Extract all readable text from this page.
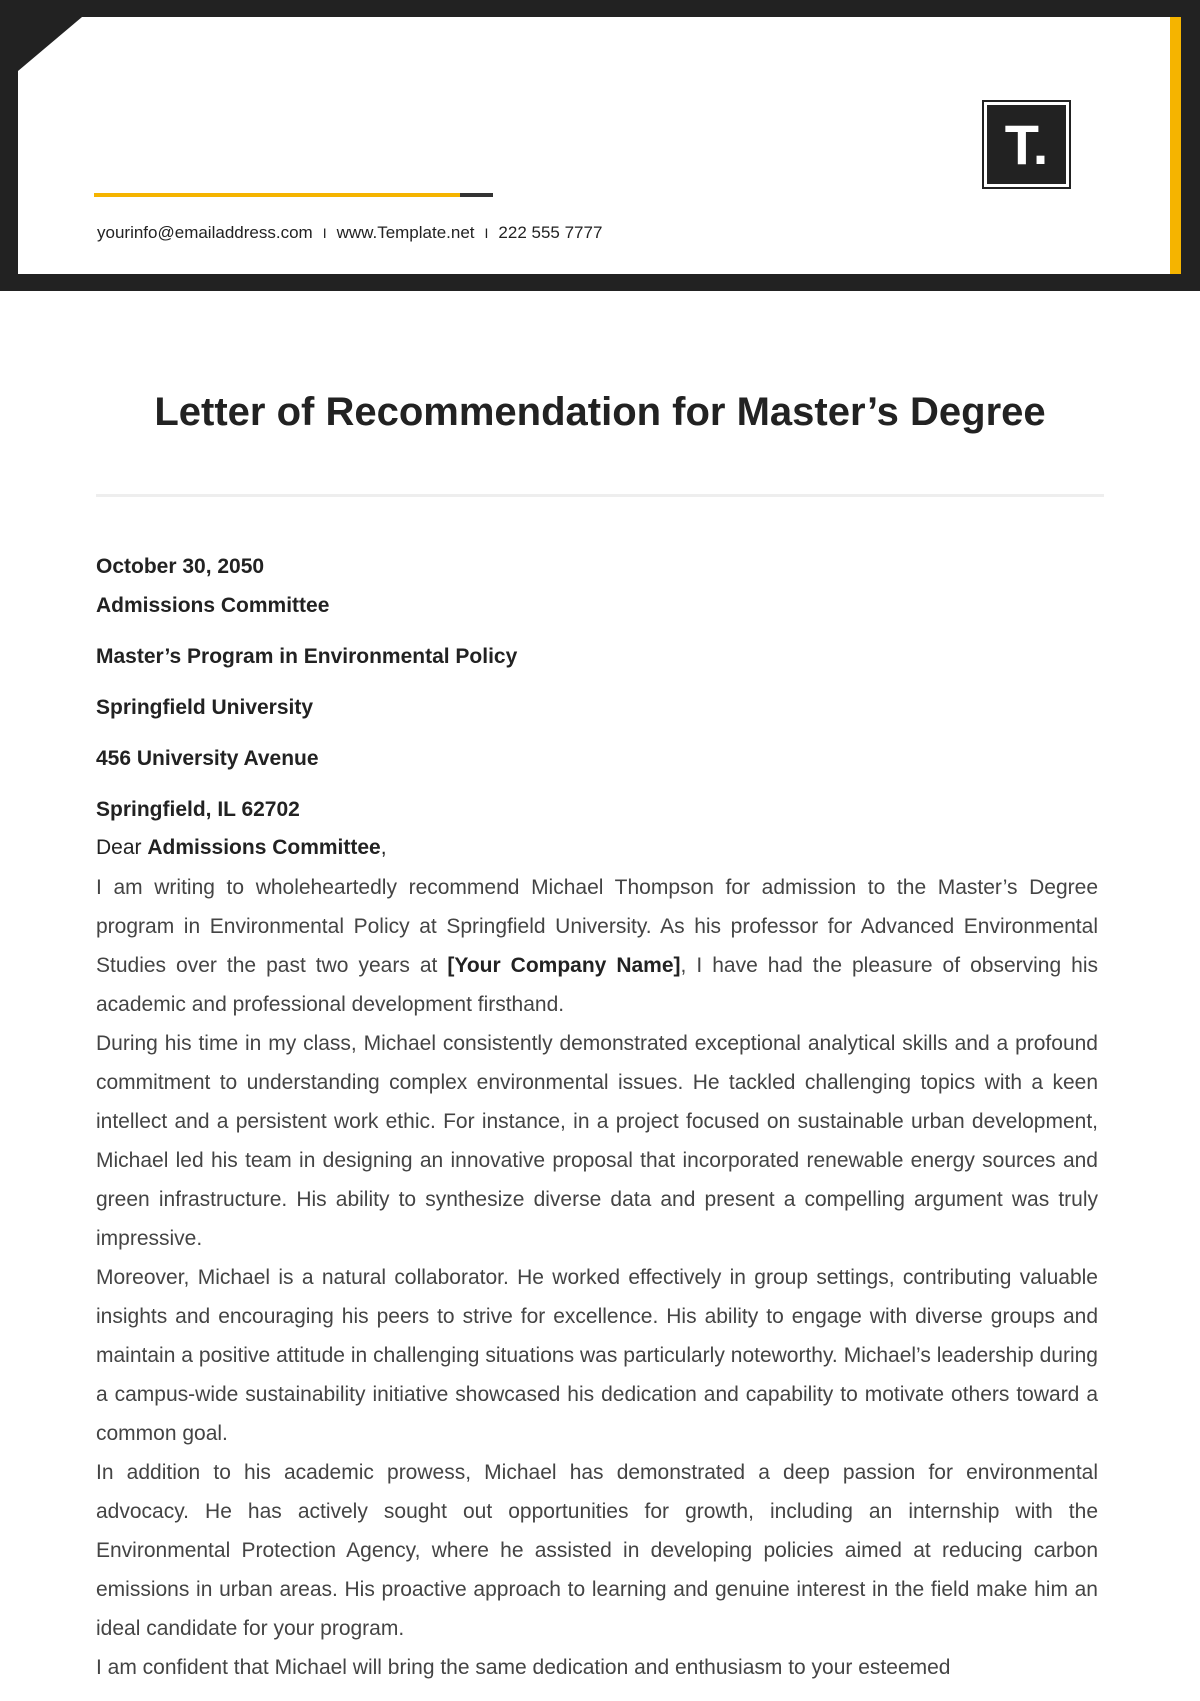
yourinfo@emailaddress.com I www.Template.net I 222 555 7777
T.
Letter of Recommendation for Master’s Degree
October 30, 2050
Admissions Committee
Master’s Program in Environmental Policy
Springfield University
456 University Avenue
Springfield, IL 62702
Dear Admissions Committee,

I am writing to wholeheartedly recommend Michael Thompson for admission to the Master’s Degree program in Environmental Policy at Springfield University. As his professor for Advanced Environmental Studies over the past two years at [Your Company Name], I have had the pleasure of observing his academic and professional development firsthand.

During his time in my class, Michael consistently demonstrated exceptional analytical skills and a profound commitment to understanding complex environmental issues. He tackled challenging topics with a keen intellect and a persistent work ethic. For instance, in a project focused on sustainable urban development, Michael led his team in designing an innovative proposal that incorporated renewable energy sources and green infrastructure. His ability to synthesize diverse data and present a compelling argument was truly impressive.

Moreover, Michael is a natural collaborator. He worked effectively in group settings, contributing valuable insights and encouraging his peers to strive for excellence. His ability to engage with diverse groups and maintain a positive attitude in challenging situations was particularly noteworthy. Michael’s leadership during a campus-wide sustainability initiative showcased his dedication and capability to motivate others toward a common goal.

In addition to his academic prowess, Michael has demonstrated a deep passion for environmental advocacy. He has actively sought out opportunities for growth, including an internship with the Environmental Protection Agency, where he assisted in developing policies aimed at reducing carbon emissions in urban areas. His proactive approach to learning and genuine interest in the field make him an ideal candidate for your program.

I am confident that Michael will bring the same dedication and enthusiasm to your esteemed
